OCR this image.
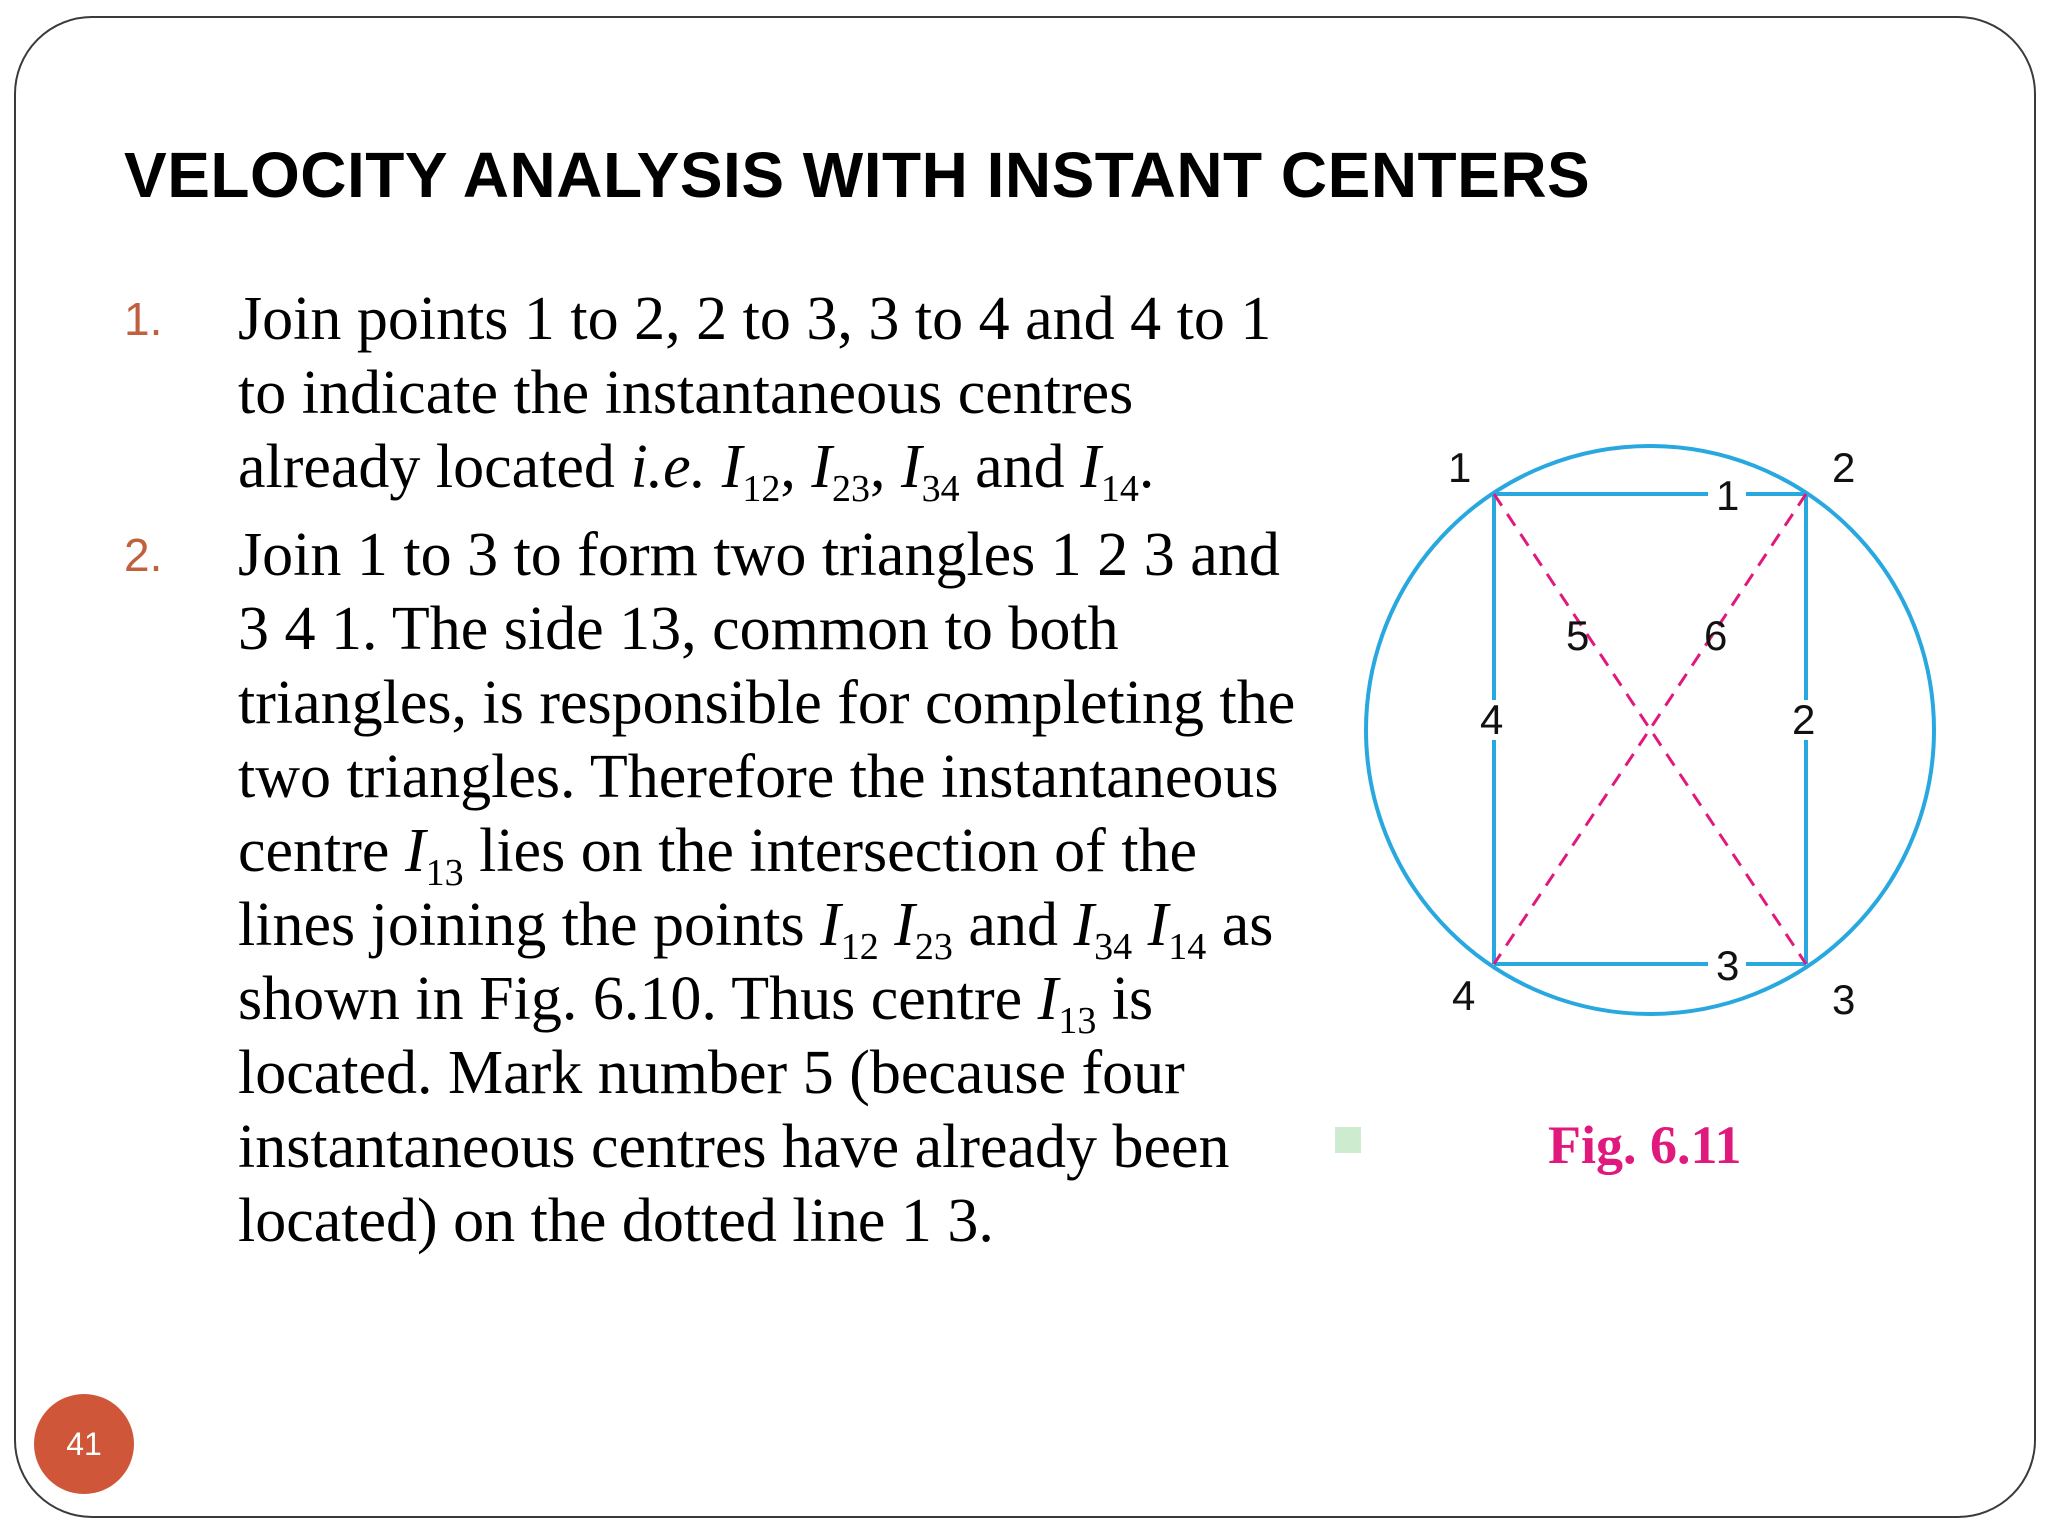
VELOCITY ANALYSIS WITH INSTANT CENTERS
1. Join points 1 to 2, 2 to 3, 3 to 4 and 4 to 1 to indicate the instantaneous centres already located i.e. $I_{12}$, $I_{23}$, $I_{34}$ and $I_{14}$.
2. Join 1 to 3 to form two triangles 1 2 3 and 3 4 1. The side 13, common to both triangles, is responsible for completing the two triangles. Therefore the instantaneous centre $I_{13}$ lies on the intersection of the lines joining the points $I_{12}$ $I_{23}$ and $I_{34}$ $I_{14}$ as shown in Fig. 6.10. Thus centre $I_{13}$ is located. Mark number 5 (because four instantaneous centres have already been located) on the dotted line 1 3.
1	2
3
4
1
2
3
4
5	6
Fig. 6.11
41
